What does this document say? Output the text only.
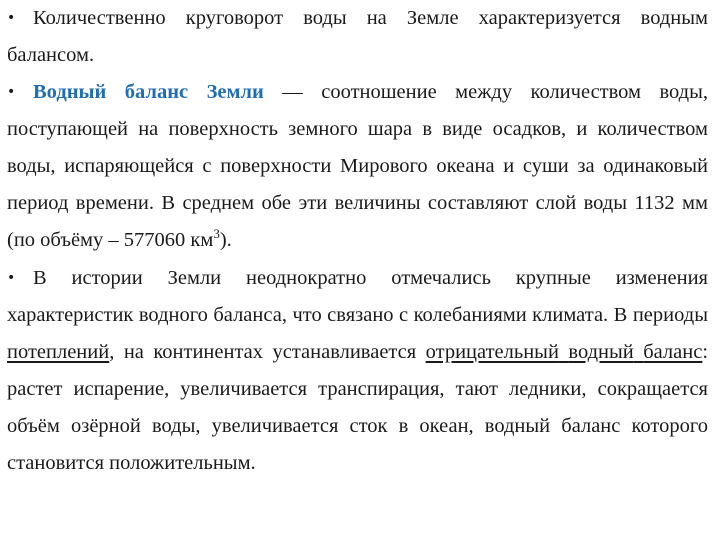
• Количественно круговорот воды на Земле характеризуется водным балансом.

• Водный баланс Земли — соотношение между количеством воды, поступающей на поверхность земного шара в виде осадков, и количеством воды, испаряющейся с поверхности Мирового океана и суши за одинаковый период времени. В среднем обе эти величины составляют слой воды 1132 мм (по объёму – 577060 $км^3$).

• В истории Земли неоднократно отмечались крупные изменения характеристик водного баланса, что связано с колебаниями климата. В периоды потеплений, на континентах устанавливается отрицательный водный баланс: растет испарение, увеличивается транспирация, тают ледники, сокращается объём озёрной воды, увеличивается сток в океан, водный баланс которого становится положительным.
